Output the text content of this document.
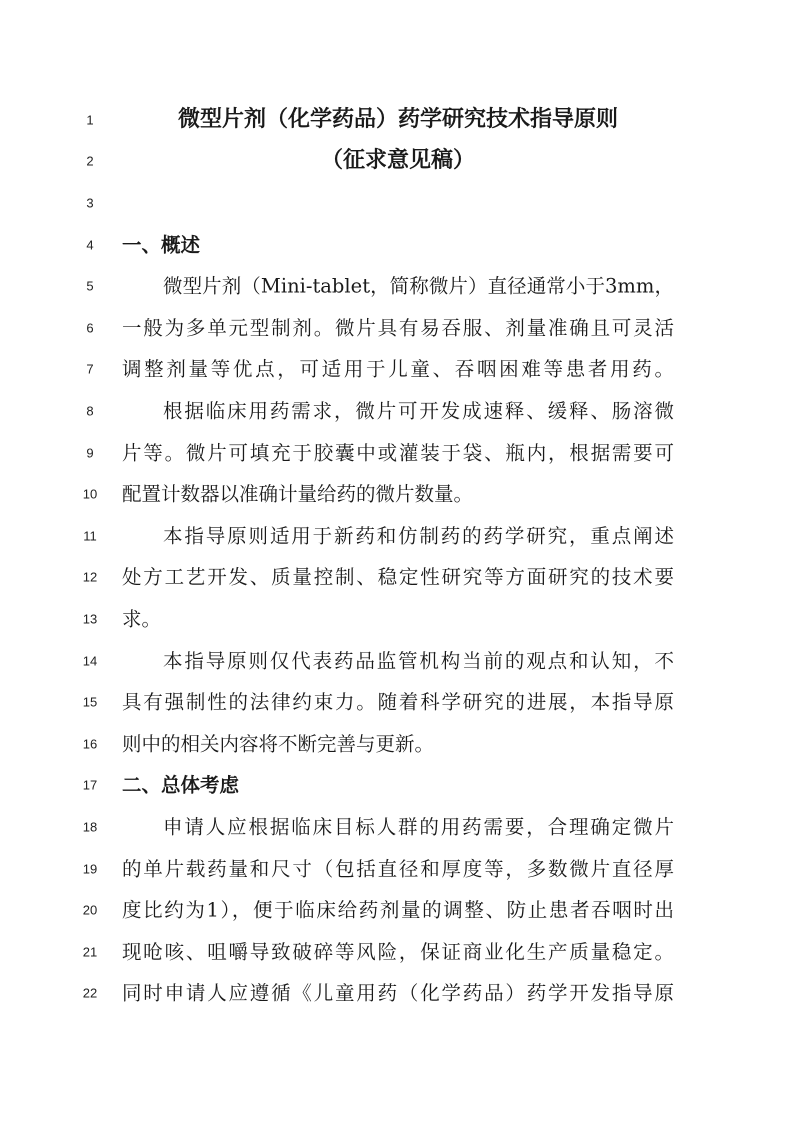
1	微型片剂（化学药品）药学研究技术指导原则
2	（征求意见稿）
3
4	一、概述
5	微型片剂（Mini-tablet，简称微片）直径通常小于3mm，
6	一般为多单元型制剂。微片具有易吞服、剂量准确且可灵活
7	调整剂量等优点，可适用于儿童、吞咽困难等患者用药。
8	根据临床用药需求，微片可开发成速释、缓释、肠溶微
9	片等。微片可填充于胶囊中或灌装于袋、瓶内，根据需要可
10	配置计数器以准确计量给药的微片数量。
11	本指导原则适用于新药和仿制药的药学研究，重点阐述
12	处方工艺开发、质量控制、稳定性研究等方面研究的技术要
13	求。
14	本指导原则仅代表药品监管机构当前的观点和认知，不
15	具有强制性的法律约束力。随着科学研究的进展，本指导原
16	则中的相关内容将不断完善与更新。
17	二、总体考虑
18	申请人应根据临床目标人群的用药需要，合理确定微片
19	的单片载药量和尺寸（包括直径和厚度等，多数微片直径厚
20	度比约为1），便于临床给药剂量的调整、防止患者吞咽时出
21	现呛咳、咀嚼导致破碎等风险，保证商业化生产质量稳定。
22	同时申请人应遵循《儿童用药（化学药品）药学开发指导原
